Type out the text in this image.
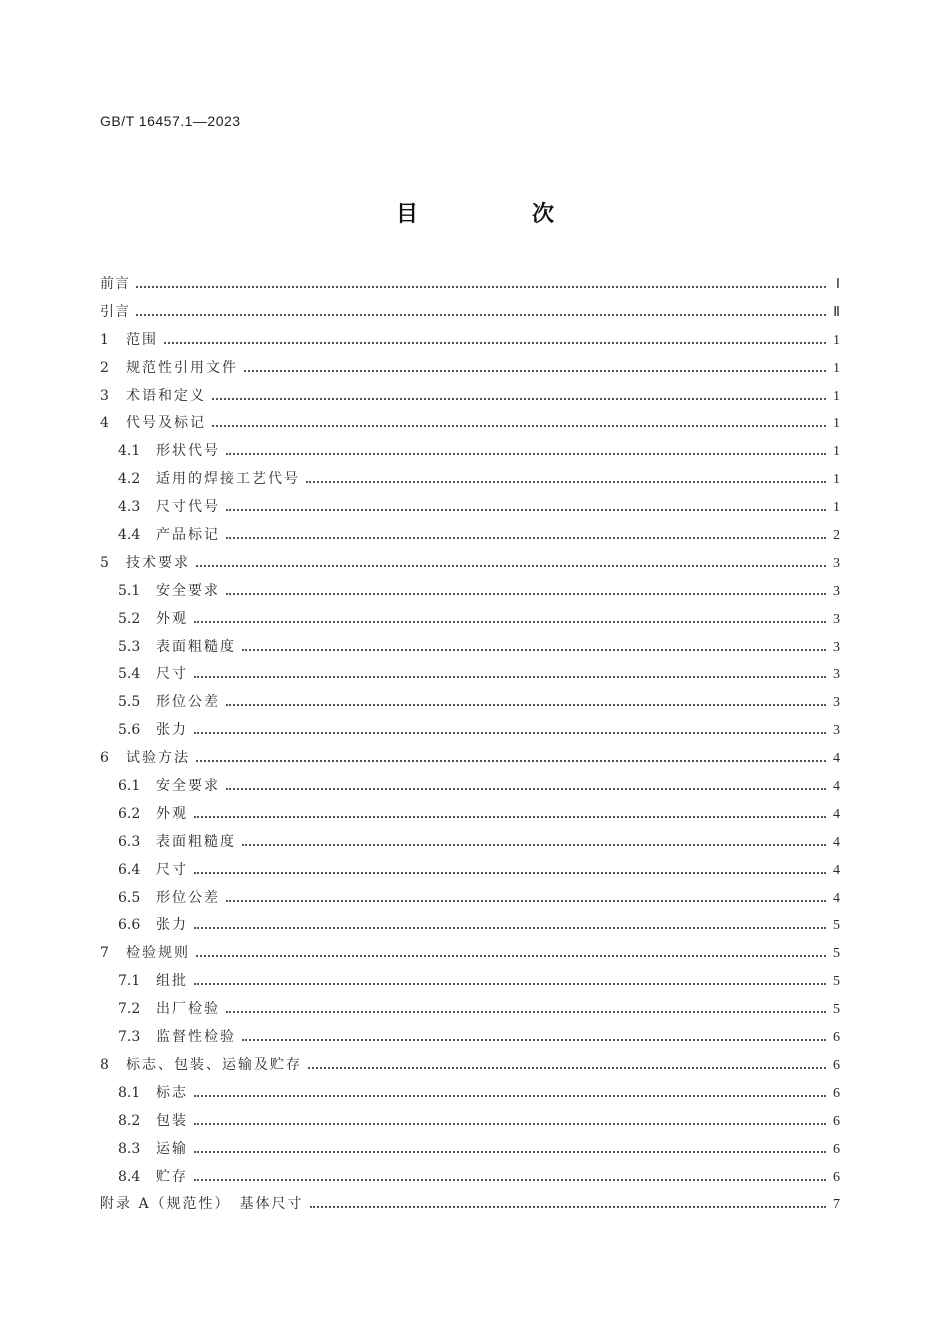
GB/T 16457.1—2023
目　次
前言	Ⅰ
引言	Ⅱ
1	范围	1
2	规范性引用文件	1
3	术语和定义	1
4	代号及标记	1
4.1	形状代号	1
4.2	适用的焊接工艺代号	1
4.3	尺寸代号	1
4.4	产品标记	2
5	技术要求	3
5.1	安全要求	3
5.2	外观	3
5.3	表面粗糙度	3
5.4	尺寸	3
5.5	形位公差	3
5.6	张力	3
6	试验方法	4
6.1	安全要求	4
6.2	外观	4
6.3	表面粗糙度	4
6.4	尺寸	4
6.5	形位公差	4
6.6	张力	5
7	检验规则	5
7.1	组批	5
7.2	出厂检验	5
7.3	监督性检验	6
8	标志、包装、运输及贮存	6
8.1	标志	6
8.2	包装	6
8.3	运输	6
8.4	贮存	6
附录 A（规范性）　基体尺寸	7
